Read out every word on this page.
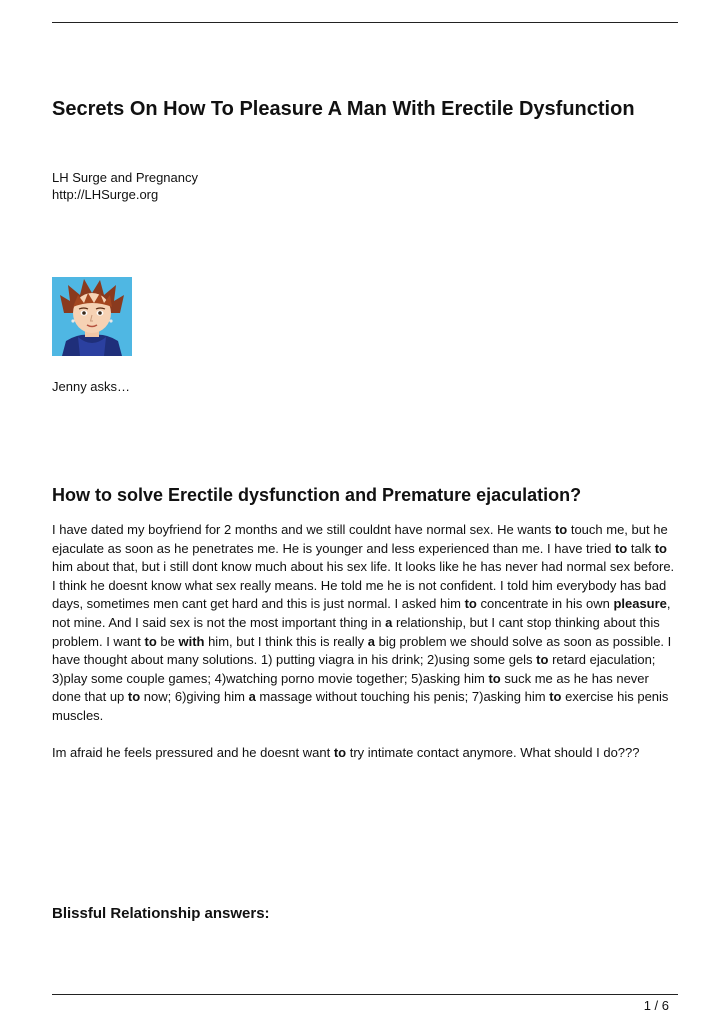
Secrets On How To Pleasure A Man With Erectile Dysfunction
LH Surge and Pregnancy
http://LHSurge.org
Jenny asks…
How to solve Erectile dysfunction and Premature ejaculation?

I have dated my boyfriend for 2 months and we still couldnt have normal sex. He wants to touch me, but he ejaculate as soon as he penetrates me. He is younger and less experienced than me. I have tried to talk to him about that, but i still dont know much about his sex life. It looks like he has never had normal sex before. I think he doesnt know what sex really means. He told me he is not confident. I told him everybody has bad days, sometimes men cant get hard and this is just normal. I asked him to concentrate in his own pleasure, not mine. And I said sex is not the most important thing in a relationship, but I cant stop thinking about this problem. I want to be with him, but I think this is really a big problem we should solve as soon as possible. I have thought about many solutions. 1) putting viagra in his drink; 2)using some gels to retard ejaculation; 3)play some couple games; 4)watching porno movie together; 5)asking him to suck me as he has never done that up to now; 6)giving him a massage without touching his penis; 7)asking him to exercise his penis muscles.

Im afraid he feels pressured and he doesnt want to try intimate contact anymore. What should I do???

Blissful Relationship answers:
1 / 6
